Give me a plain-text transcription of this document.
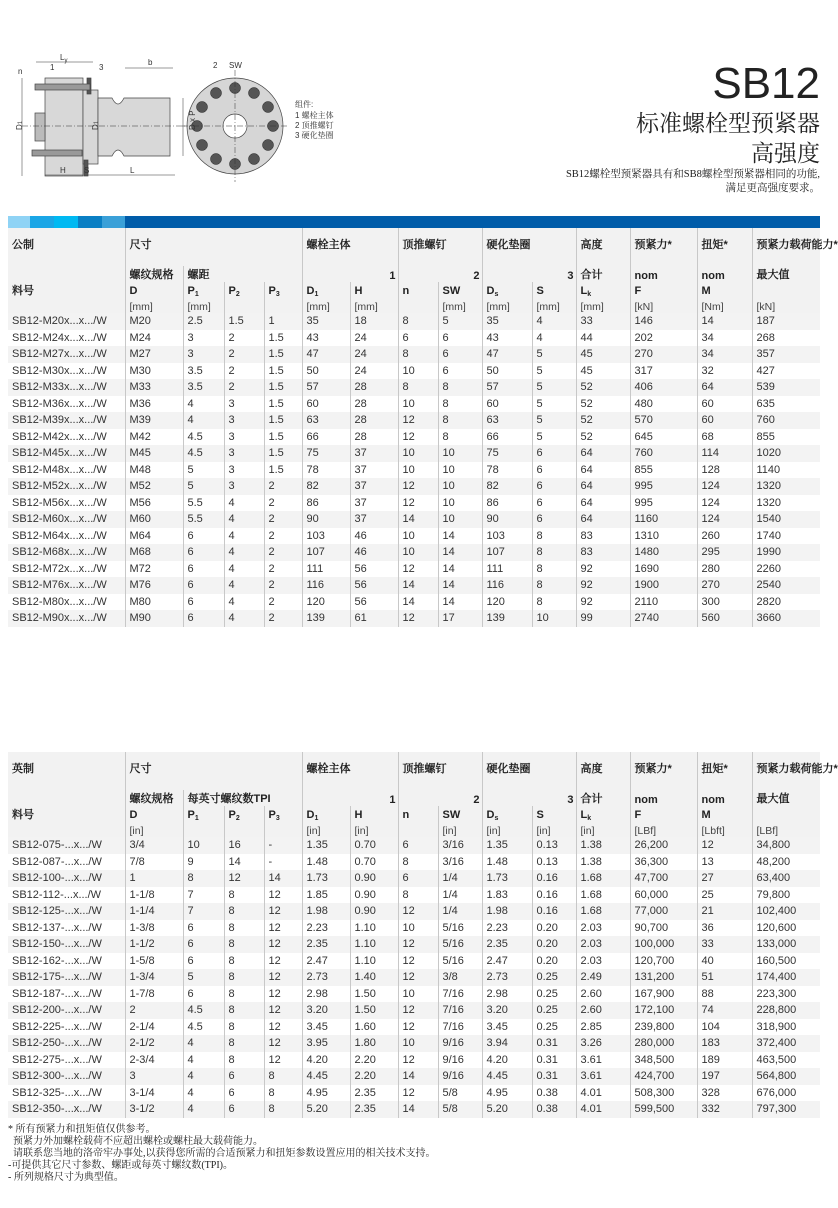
n	1	3
$L_y$	b	2 SW
D1
D1	D x P
H S	L
组件:
1 螺栓主体
2 顶推螺钉
3 硬化垫圈
SB12
标准螺栓型预紧器
高强度
SB12螺栓型预紧器具有和SB8螺栓型预紧器相同的功能,
满足更高强度要求。
公制	尺寸				螺栓主体		顶推螺钉		硬化垫圈		高度	预紧力*	扭矩*	预紧力载荷能力*
	螺纹规格	螺距			1		2		3		合计	nom	nom	最大值
料号	D	$P_1$	$P_2$	$P_3$	$D_1$	H	n	SW	$D_s$	S	$L_k$	F	M	
	[mm]	[mm]			[mm]	[mm]		[mm]	[mm]	[mm]	[mm]	[kN]	[Nm]	[kN]
SB12-M20x...x.../W	M20	2.5	1.5	1	35	18	8	5	35	4	33	146	14	187
SB12-M24x...x.../W	M24	3	2	1.5	43	24	6	6	43	4	44	202	34	268
SB12-M27x...x.../W	M27	3	2	1.5	47	24	8	6	47	5	45	270	34	357
SB12-M30x...x.../W	M30	3.5	2	1.5	50	24	10	6	50	5	45	317	32	427
SB12-M33x...x.../W	M33	3.5	2	1.5	57	28	8	8	57	5	52	406	64	539
SB12-M36x...x.../W	M36	4	3	1.5	60	28	10	8	60	5	52	480	60	635
SB12-M39x...x.../W	M39	4	3	1.5	63	28	12	8	63	5	52	570	60	760
SB12-M42x...x.../W	M42	4.5	3	1.5	66	28	12	8	66	5	52	645	68	855
SB12-M45x...x.../W	M45	4.5	3	1.5	75	37	10	10	75	6	64	760	114	1020
SB12-M48x...x.../W	M48	5	3	1.5	78	37	10	10	78	6	64	855	128	1140
SB12-M52x...x.../W	M52	5	3	2	82	37	12	10	82	6	64	995	124	1320
SB12-M56x...x.../W	M56	5.5	4	2	86	37	12	10	86	6	64	995	124	1320
SB12-M60x...x.../W	M60	5.5	4	2	90	37	14	10	90	6	64	1160	124	1540
SB12-M64x...x.../W	M64	6	4	2	103	46	10	14	103	8	83	1310	260	1740
SB12-M68x...x.../W	M68	6	4	2	107	46	10	14	107	8	83	1480	295	1990
SB12-M72x...x.../W	M72	6	4	2	111	56	12	14	111	8	92	1690	280	2260
SB12-M76x...x.../W	M76	6	4	2	116	56	14	14	116	8	92	1900	270	2540
SB12-M80x...x.../W	M80	6	4	2	120	56	14	14	120	8	92	2110	300	2820
SB12-M90x...x.../W	M90	6	4	2	139	61	12	17	139	10	99	2740	560	3660
英制	尺寸				螺栓主体		顶推螺钉		硬化垫圈		高度	预紧力*	扭矩*	预紧力载荷能力*
	螺纹规格	每英寸螺纹数TPI			1		2		3		合计	nom	nom	最大值
料号	D	$P_1$	$P_2$	$P_3$	$D_1$	H	n	SW	$D_s$	S	$L_k$	F	M	
	[in]				[in]	[in]		[in]	[in]	[in]	[in]	[LBf]	[Lbft]	[LBf]
SB12-075-...x.../W	3/4	10	16	-	1.35	0.70	6	3/16	1.35	0.13	1.38	26,200	12	34,800
SB12-087-...x.../W	7/8	9	14	-	1.48	0.70	8	3/16	1.48	0.13	1.38	36,300	13	48,200
SB12-100-...x.../W	1	8	12	14	1.73	0.90	6	1/4	1.73	0.16	1.68	47,700	27	63,400
SB12-112-...x.../W	1-1/8	7	8	12	1.85	0.90	8	1/4	1.83	0.16	1.68	60,000	25	79,800
SB12-125-...x.../W	1-1/4	7	8	12	1.98	0.90	12	1/4	1.98	0.16	1.68	77,000	21	102,400
SB12-137-...x.../W	1-3/8	6	8	12	2.23	1.10	10	5/16	2.23	0.20	2.03	90,700	36	120,600
SB12-150-...x.../W	1-1/2	6	8	12	2.35	1.10	12	5/16	2.35	0.20	2.03	100,000	33	133,000
SB12-162-...x.../W	1-5/8	6	8	12	2.47	1.10	12	5/16	2.47	0.20	2.03	120,700	40	160,500
SB12-175-...x.../W	1-3/4	5	8	12	2.73	1.40	12	3/8	2.73	0.25	2.49	131,200	51	174,400
SB12-187-...x.../W	1-7/8	6	8	12	2.98	1.50	10	7/16	2.98	0.25	2.60	167,900	88	223,300
SB12-200-...x.../W	2	4.5	8	12	3.20	1.50	12	7/16	3.20	0.25	2.60	172,100	74	228,800
SB12-225-...x.../W	2-1/4	4.5	8	12	3.45	1.60	12	7/16	3.45	0.25	2.85	239,800	104	318,900
SB12-250-...x.../W	2-1/2	4	8	12	3.95	1.80	10	9/16	3.94	0.31	3.26	280,000	183	372,400
SB12-275-...x.../W	2-3/4	4	8	12	4.20	2.20	12	9/16	4.20	0.31	3.61	348,500	189	463,500
SB12-300-...x.../W	3	4	6	8	4.45	2.20	14	9/16	4.45	0.31	3.61	424,700	197	564,800
SB12-325-...x.../W	3-1/4	4	6	8	4.95	2.35	12	5/8	4.95	0.38	4.01	508,300	328	676,000
SB12-350-...x.../W	3-1/2	4	6	8	5.20	2.35	14	5/8	5.20	0.38	4.01	599,500	332	797,300
* 所有预紧力和扭矩值仅供参考。
预紧力外加螺栓载荷不应超出螺栓或螺柱最大载荷能力。
请联系您当地的洛帝牢办事处,以获得您所需的合适预紧力和扭矩参数设置应用的相关技术支持。
-可提供其它尺寸参数、螺距或每英寸螺纹数(TPI)。
- 所列规格尺寸为典型值。
